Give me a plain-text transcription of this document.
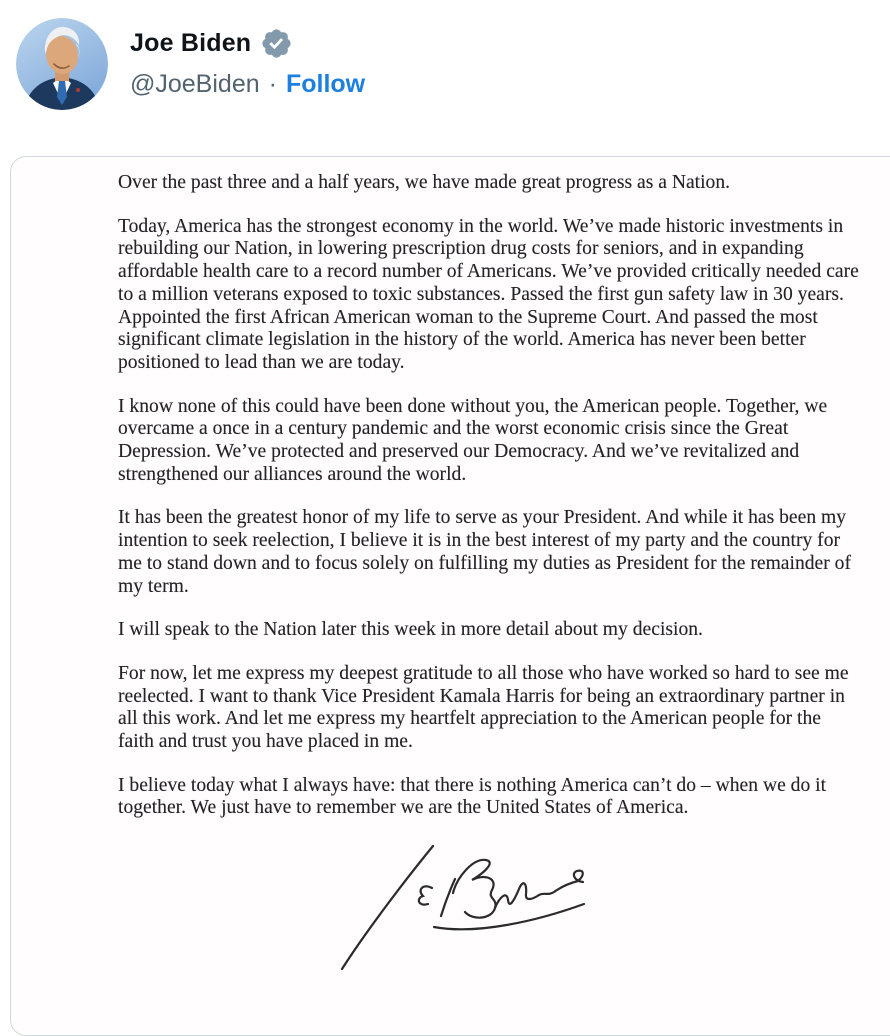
Joe Biden
@JoeBiden · Follow

Over the past three and a half years, we have made great progress as a Nation.

Today, America has the strongest economy in the world. We’ve made historic investments in rebuilding our Nation, in lowering prescription drug costs for seniors, and in expanding affordable health care to a record number of Americans. We’ve provided critically needed care to a million veterans exposed to toxic substances. Passed the first gun safety law in 30 years. Appointed the first African American woman to the Supreme Court. And passed the most significant climate legislation in the history of the world. America has never been better positioned to lead than we are today.

I know none of this could have been done without you, the American people. Together, we overcame a once in a century pandemic and the worst economic crisis since the Great Depression. We’ve protected and preserved our Democracy. And we’ve revitalized and strengthened our alliances around the world.

It has been the greatest honor of my life to serve as your President. And while it has been my intention to seek reelection, I believe it is in the best interest of my party and the country for me to stand down and to focus solely on fulfilling my duties as President for the remainder of my term.

I will speak to the Nation later this week in more detail about my decision.

For now, let me express my deepest gratitude to all those who have worked so hard to see me reelected. I want to thank Vice President Kamala Harris for being an extraordinary partner in all this work. And let me express my heartfelt appreciation to the American people for the faith and trust you have placed in me.

I believe today what I always have: that there is nothing America can’t do – when we do it together. We just have to remember we are the United States of America.
